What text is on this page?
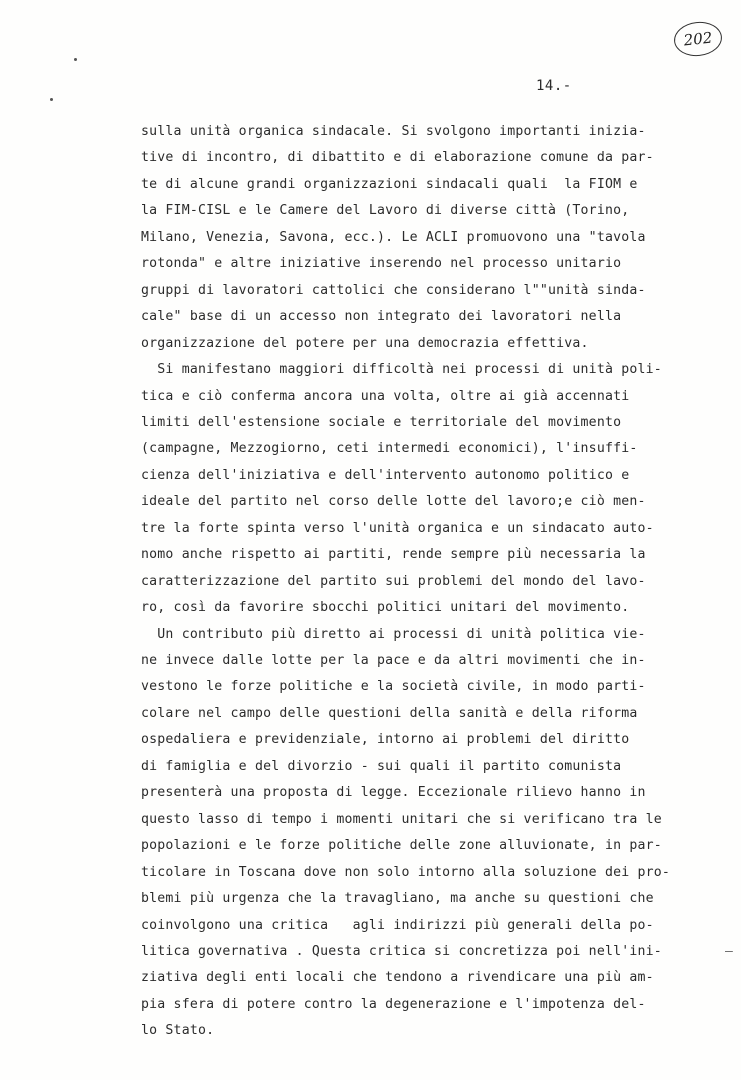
202
14.-
sulla unità organica sindacale. Si svolgono importanti inizia-
tive di incontro, di dibattito e di elaborazione comune da par-
te di alcune grandi organizzazioni sindacali quali  la FIOM e
la FIM-CISL e le Camere del Lavoro di diverse città (Torino,
Milano, Venezia, Savona, ecc.). Le ACLI promuovono una "tavola
rotonda" e altre iniziative inserendo nel processo unitario
gruppi di lavoratori cattolici che considerano l""unità sinda-
cale" base di un accesso non integrato dei lavoratori nella
organizzazione del potere per una democrazia effettiva.
Si manifestano maggiori difficoltà nei processi di unità poli-
tica e ciò conferma ancora una volta, oltre ai già accennati
limiti dell'estensione sociale e territoriale del movimento
(campagne, Mezzogiorno, ceti intermedi economici), l'insuffi-
cienza dell'iniziativa e dell'intervento autonomo politico e
ideale del partito nel corso delle lotte del lavoro;e ciò men-
tre la forte spinta verso l'unità organica e un sindacato auto-
nomo anche rispetto ai partiti, rende sempre più necessaria la
caratterizzazione del partito sui problemi del mondo del lavo-
ro, così da favorire sbocchi politici unitari del movimento.
Un contributo più diretto ai processi di unità politica vie-
ne invece dalle lotte per la pace e da altri movimenti che in-
vestono le forze politiche e la società civile, in modo parti-
colare nel campo delle questioni della sanità e della riforma
ospedaliera e previdenziale, intorno ai problemi del diritto
di famiglia e del divorzio - sui quali il partito comunista
presenterà una proposta di legge. Eccezionale rilievo hanno in
questo lasso di tempo i momenti unitari che si verificano tra le
popolazioni e le forze politiche delle zone alluvionate, in par-
ticolare in Toscana dove non solo intorno alla soluzione dei pro-
blemi più urgenza che la travagliano, ma anche su questioni che
coinvolgono una critica   agli indirizzi più generali della po-
litica governativa . Questa critica si concretizza poi nell'ini-
ziativa degli enti locali che tendono a rivendicare una più am-
pia sfera di potere contro la degenerazione e l'impotenza del-
lo Stato.
–
